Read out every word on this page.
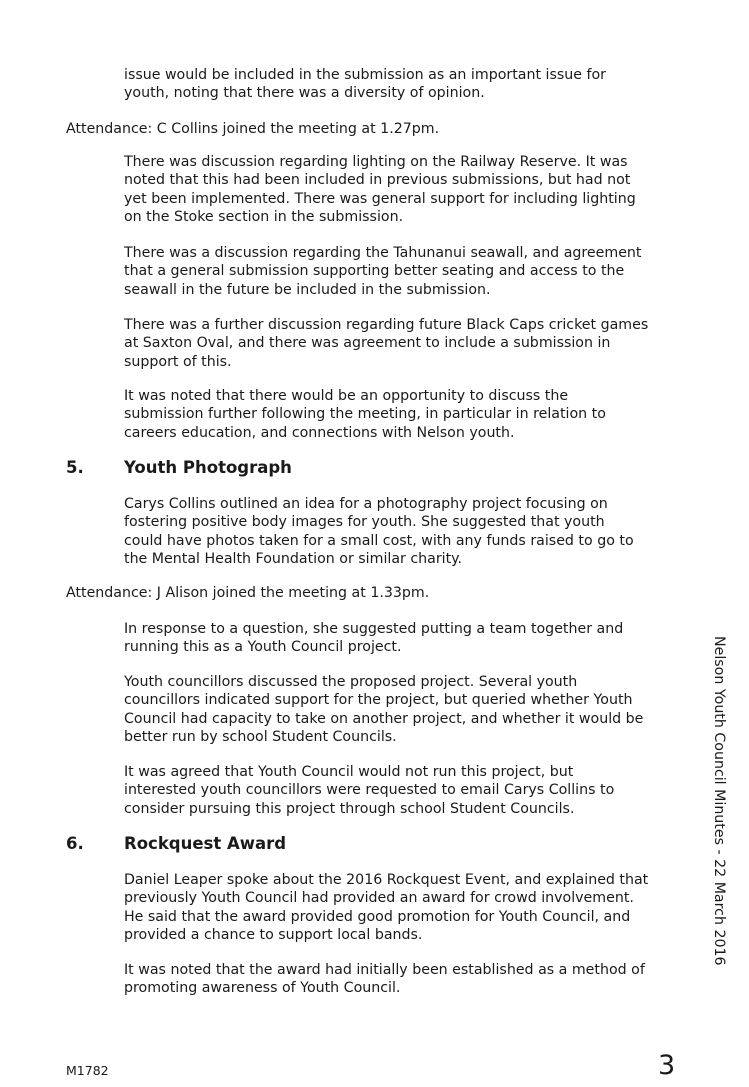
issue would be included in the submission as an important issue for
youth, noting that there was a diversity of opinion.

Attendance: C Collins joined the meeting at 1.27pm.

There was discussion regarding lighting on the Railway Reserve. It was
noted that this had been included in previous submissions, but had not
yet been implemented. There was general support for including lighting
on the Stoke section in the submission.

There was a discussion regarding the Tahunanui seawall, and agreement
that a general submission supporting better seating and access to the
seawall in the future be included in the submission.

There was a further discussion regarding future Black Caps cricket games
at Saxton Oval, and there was agreement to include a submission in
support of this.

It was noted that there would be an opportunity to discuss the
submission further following the meeting, in particular in relation to
careers education, and connections with Nelson youth.

5. Youth Photograph

Carys Collins outlined an idea for a photography project focusing on
fostering positive body images for youth. She suggested that youth
could have photos taken for a small cost, with any funds raised to go to
the Mental Health Foundation or similar charity.

Attendance: J Alison joined the meeting at 1.33pm.

In response to a question, she suggested putting a team together and
running this as a Youth Council project.

Youth councillors discussed the proposed project. Several youth
councillors indicated support for the project, but queried whether Youth
Council had capacity to take on another project, and whether it would be
better run by school Student Councils.

It was agreed that Youth Council would not run this project, but
interested youth councillors were requested to email Carys Collins to
consider pursuing this project through school Student Councils.

6. Rockquest Award

Daniel Leaper spoke about the 2016 Rockquest Event, and explained that
previously Youth Council had provided an award for crowd involvement.
He said that the award provided good promotion for Youth Council, and
provided a chance to support local bands.

It was noted that the award had initially been established as a method of
promoting awareness of Youth Council.

Nelson Youth Council Minutes - 22 March 2016
M1782	3
